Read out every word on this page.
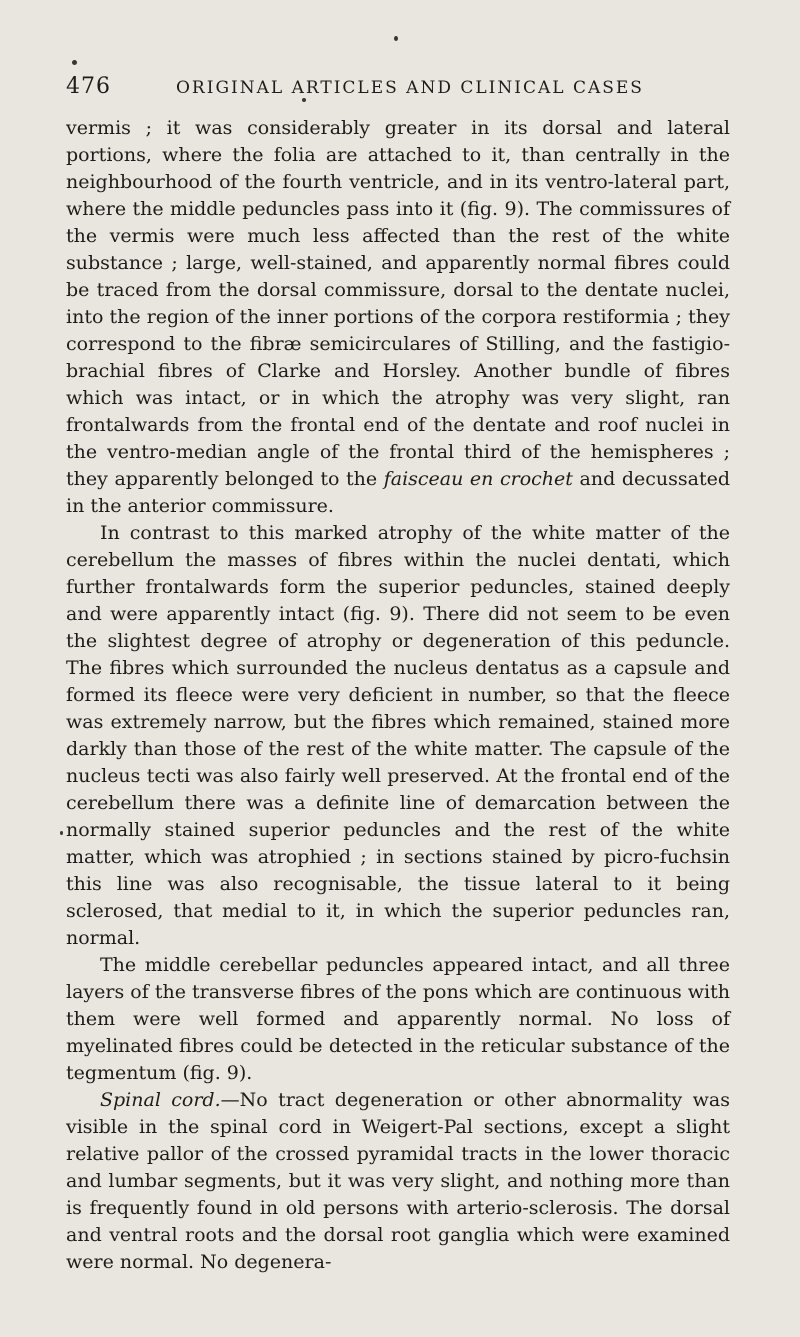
476	ORIGINAL ARTICLES AND CLINICAL CASES

vermis ; it was considerably greater in its dorsal and lateral portions, where the folia are attached to it, than centrally in the neighbourhood of the fourth ventricle, and in its ventro-lateral part, where the middle peduncles pass into it (fig. 9). The commissures of the vermis were much less affected than the rest of the white substance ; large, well-stained, and apparently normal fibres could be traced from the dorsal commissure, dorsal to the dentate nuclei, into the region of the inner portions of the corpora restiformia ; they correspond to the fibræ semicirculares of Stilling, and the fastigio-brachial fibres of Clarke and Horsley. Another bundle of fibres which was intact, or in which the atrophy was very slight, ran frontalwards from the frontal end of the dentate and roof nuclei in the ventro-median angle of the frontal third of the hemispheres ; they apparently belonged to the faisceau en crochet and decussated in the anterior commissure.

In contrast to this marked atrophy of the white matter of the cerebellum the masses of fibres within the nuclei dentati, which further frontalwards form the superior peduncles, stained deeply and were apparently intact (fig. 9). There did not seem to be even the slightest degree of atrophy or degeneration of this peduncle. The fibres which surrounded the nucleus dentatus as a capsule and formed its fleece were very deficient in number, so that the fleece was extremely narrow, but the fibres which remained, stained more darkly than those of the rest of the white matter. The capsule of the nucleus tecti was also fairly well preserved. At the frontal end of the cerebellum there was a definite line of demarcation between the normally stained superior peduncles and the rest of the white matter, which was atrophied ; in sections stained by picro-fuchsin this line was also recognisable, the tissue lateral to it being sclerosed, that medial to it, in which the superior peduncles ran, normal.

The middle cerebellar peduncles appeared intact, and all three layers of the transverse fibres of the pons which are continuous with them were well formed and apparently normal. No loss of myelinated fibres could be detected in the reticular substance of the tegmentum (fig. 9).

Spinal cord.—No tract degeneration or other abnormality was visible in the spinal cord in Weigert-Pal sections, except a slight relative pallor of the crossed pyramidal tracts in the lower thoracic and lumbar segments, but it was very slight, and nothing more than is frequently found in old persons with arterio-sclerosis. The dorsal and ventral roots and the dorsal root ganglia which were examined were normal. No degenera-
